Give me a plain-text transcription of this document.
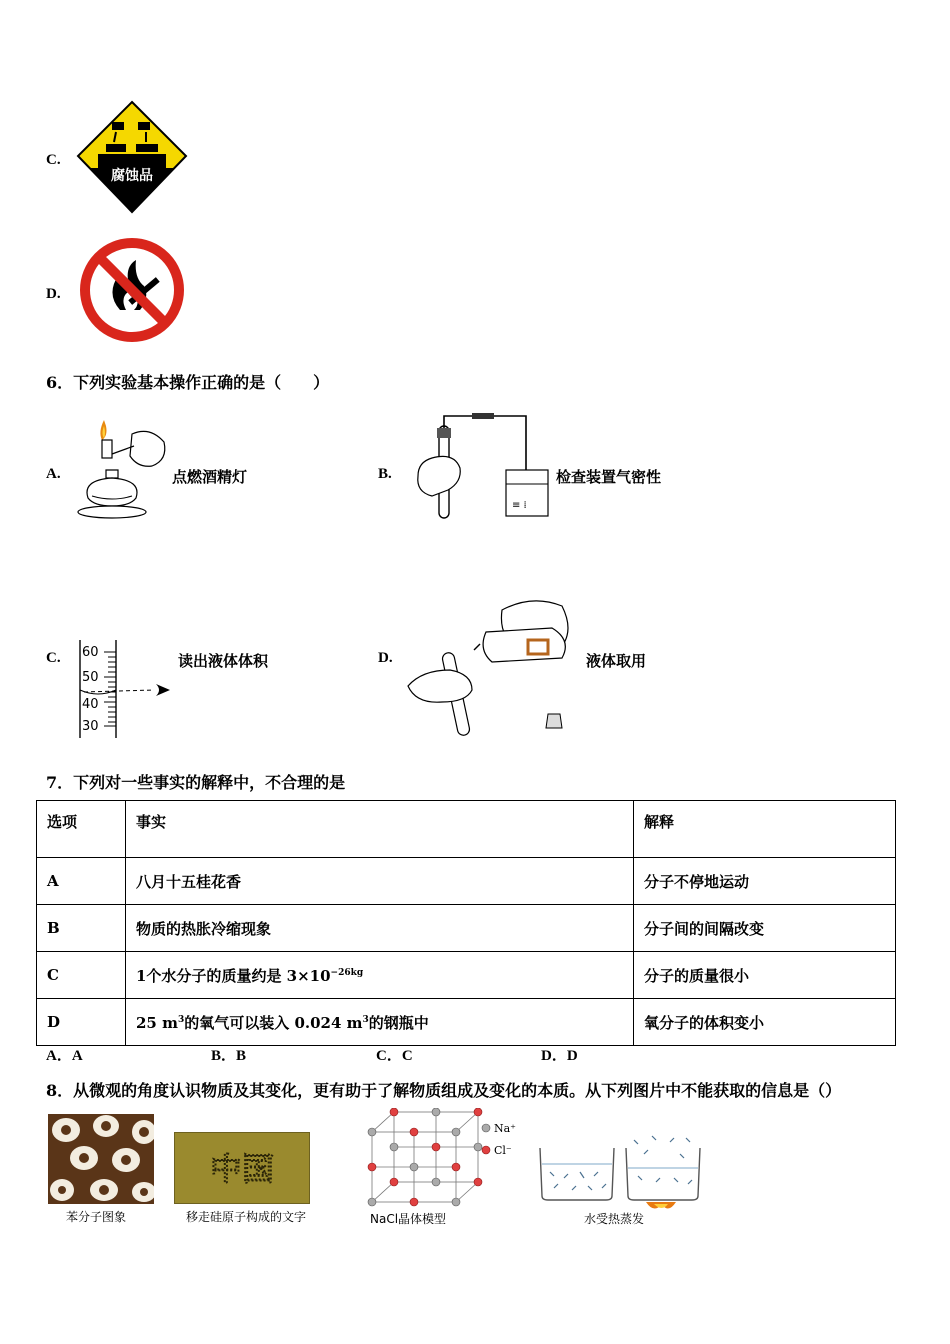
C.
腐蚀品
D.
6．下列实验基本操作正确的是（　　）
A.	点燃酒精灯	B.
≡ ⁞
检查装置气密性
C. 60
50
40
30
读出液体体积	D.	液体取用
7．下列对一些事实的解释中，不合理的是
选项	事实	解释
A	八月十五桂花香	分子不停地运动
B	物质的热胀冷缩现象	分子间的间隔改变
C	1个水分子的质量约是 $3\times 10^{-26kg}$	分子的质量很小
D	25 $m^3$的氧气可以装入 0.024 $m^3$的钢瓶中	氧分子的体积变小
A．A	B．B	C．C	D．D
8．从微观的角度认识物质及其变化，更有助于了解物质组成及变化的本质。从下列图片中不能获取的信息是（）
苯分子图象
中国
移走硅原子构成的文字
Na⁺
Cl⁻
NaCl晶体模型	水受热蒸发
